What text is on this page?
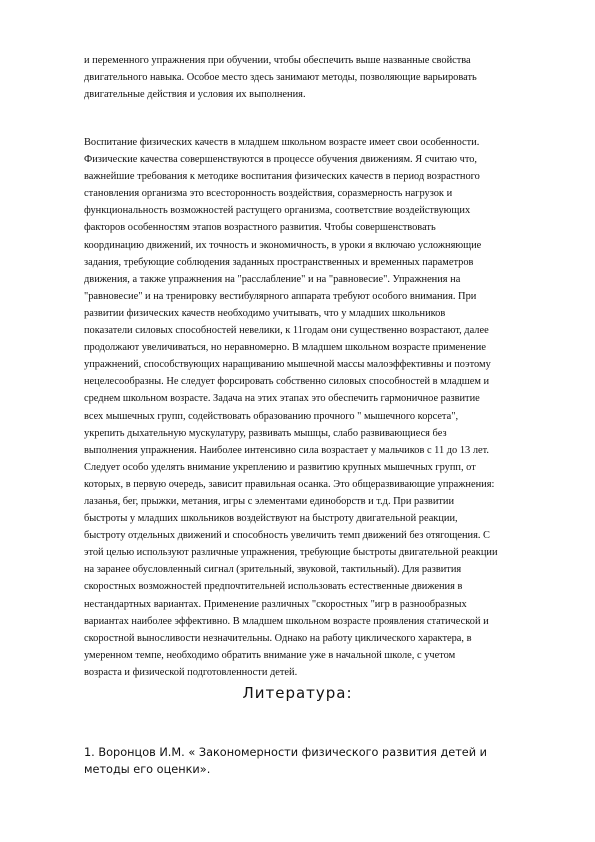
и переменного упражнения при обучении, чтобы обеспечить выше названные свойства
двигательного навыка. Особое место здесь занимают методы, позволяющие варьировать
двигательные действия и условия их выполнения.

Воспитание физических качеств в младшем школьном возрасте имеет свои особенности.
Физические качества совершенствуются в процессе обучения движениям. Я считаю что,
важнейшие требования к методике воспитания физических качеств в период возрастного
становления организма это всесторонность воздействия, соразмерность нагрузок и
функциональность возможностей растущего организма, соответствие воздействующих
факторов особенностям этапов возрастного развития. Чтобы совершенствовать
координацию движений, их точность и экономичность, в уроки я включаю усложняющие
задания, требующие соблюдения заданных пространственных и временных параметров
движения, а также упражнения на "расслабление" и на "равновесие". Упражнения на
"равновесие" и на тренировку вестибулярного аппарата требуют особого внимания. При
развитии физических качеств необходимо учитывать, что у младших школьников
показатели силовых способностей невелики, к 11годам они существенно возрастают, далее
продолжают увеличиваться, но неравномерно. В младшем школьном возрасте применение
упражнений, способствующих наращиванию мышечной массы малоэффективны и поэтому
нецелесообразны. Не следует форсировать собственно силовых способностей в младшем и
среднем школьном возрасте. Задача на этих этапах это обеспечить гармоничное развитие
всех мышечных групп, содействовать образованию прочного " мышечного корсета",
укрепить дыхательную мускулатуру, развивать мышцы, слабо развивающиеся без
выполнения упражнения. Наиболее интенсивно сила возрастает у мальчиков с 11 до 13 лет.
Следует особо уделять внимание укреплению и развитию крупных мышечных групп, от
которых, в первую очередь, зависит правильная осанка. Это общеразвивающие упражнения:
лазанья, бег, прыжки, метания, игры с элементами единоборств и т.д. При развитии
быстроты у младших школьников воздействуют на быстроту двигательной реакции,
быстроту отдельных движений и способность увеличить темп движений без отягощения. С
этой целью используют различные упражнения, требующие быстроты двигательной реакции
на заранее обусловленный сигнал (зрительный, звуковой, тактильный). Для развития
скоростных возможностей предпочтительней использовать естественные движения в
нестандартных вариантах. Применение различных "скоростных "игр в разнообразных
вариантах наиболее эффективно. В младшем школьном возрасте проявления статической и
скоростной выносливости незначительны. Однако на работу циклического характера, в
умеренном темпе, необходимо обратить внимание уже в начальной школе, с учетом
возраста и физической подготовленности детей.

Литература:
1. Воронцов И.М. « Закономерности физического развития детей и
методы его оценки».
